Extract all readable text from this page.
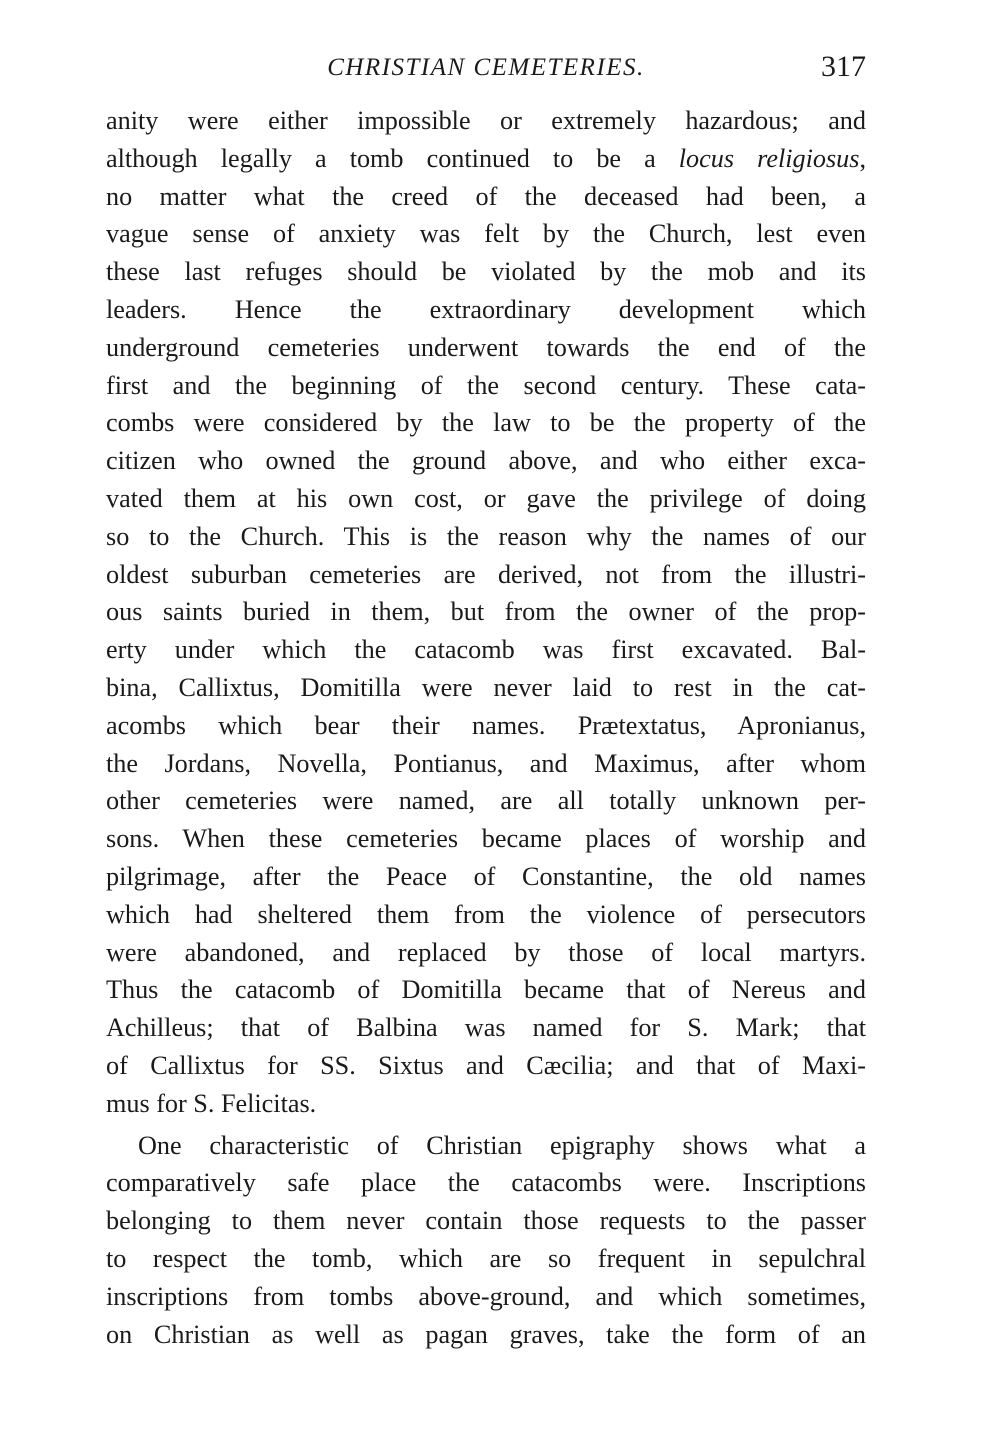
CHRISTIAN CEMETERIES.	317

anity were either impossible or extremely hazardous; and
although legally a tomb continued to be a locus religiosus,
no matter what the creed of the deceased had been, a
vague sense of anxiety was felt by the Church, lest even
these last refuges should be violated by the mob and its
leaders. Hence the extraordinary development which
underground cemeteries underwent towards the end of the
first and the beginning of the second century. These cata-
combs were considered by the law to be the property of the
citizen who owned the ground above, and who either exca-
vated them at his own cost, or gave the privilege of doing
so to the Church. This is the reason why the names of our
oldest suburban cemeteries are derived, not from the illustri-
ous saints buried in them, but from the owner of the prop-
erty under which the catacomb was first excavated. Bal-
bina, Callixtus, Domitilla were never laid to rest in the cat-
acombs which bear their names. Prætextatus, Apronianus,
the Jordans, Novella, Pontianus, and Maximus, after whom
other cemeteries were named, are all totally unknown per-
sons. When these cemeteries became places of worship and
pilgrimage, after the Peace of Constantine, the old names
which had sheltered them from the violence of persecutors
were abandoned, and replaced by those of local martyrs.
Thus the catacomb of Domitilla became that of Nereus and
Achilleus; that of Balbina was named for S. Mark; that
of Callixtus for SS. Sixtus and Cæcilia; and that of Maxi-
mus for S. Felicitas.

One characteristic of Christian epigraphy shows what a
comparatively safe place the catacombs were. Inscriptions
belonging to them never contain those requests to the passer
to respect the tomb, which are so frequent in sepulchral
inscriptions from tombs above-ground, and which sometimes,
on Christian as well as pagan graves, take the form of an
